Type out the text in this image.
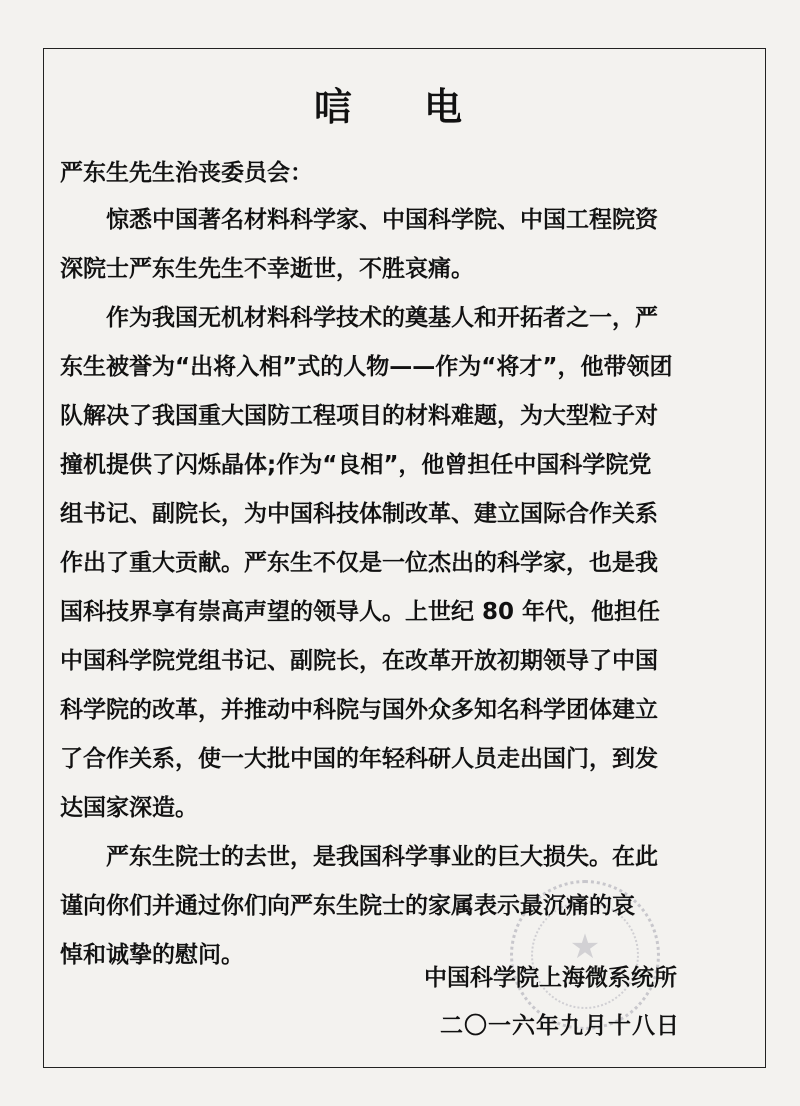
★
唁电
严东生先生治丧委员会：
惊悉中国著名材料科学家、中国科学院、中国工程院资
深院士严东生先生不幸逝世，不胜哀痛。
作为我国无机材料科学技术的奠基人和开拓者之一，严
东生被誉为“出将入相”式的人物——作为“将才”，他带领团
队解决了我国重大国防工程项目的材料难题，为大型粒子对
撞机提供了闪烁晶体;作为“良相”，他曾担任中国科学院党
组书记、副院长，为中国科技体制改革、建立国际合作关系
作出了重大贡献。严东生不仅是一位杰出的科学家，也是我
国科技界享有崇高声望的领导人。上世纪 80 年代，他担任
中国科学院党组书记、副院长，在改革开放初期领导了中国
科学院的改革，并推动中科院与国外众多知名科学团体建立
了合作关系，使一大批中国的年轻科研人员走出国门，到发
达国家深造。
严东生院士的去世，是我国科学事业的巨大损失。在此
谨向你们并通过你们向严东生院士的家属表示最沉痛的哀
悼和诚挚的慰问。
中国科学院上海微系统所
二〇一六年九月十八日
